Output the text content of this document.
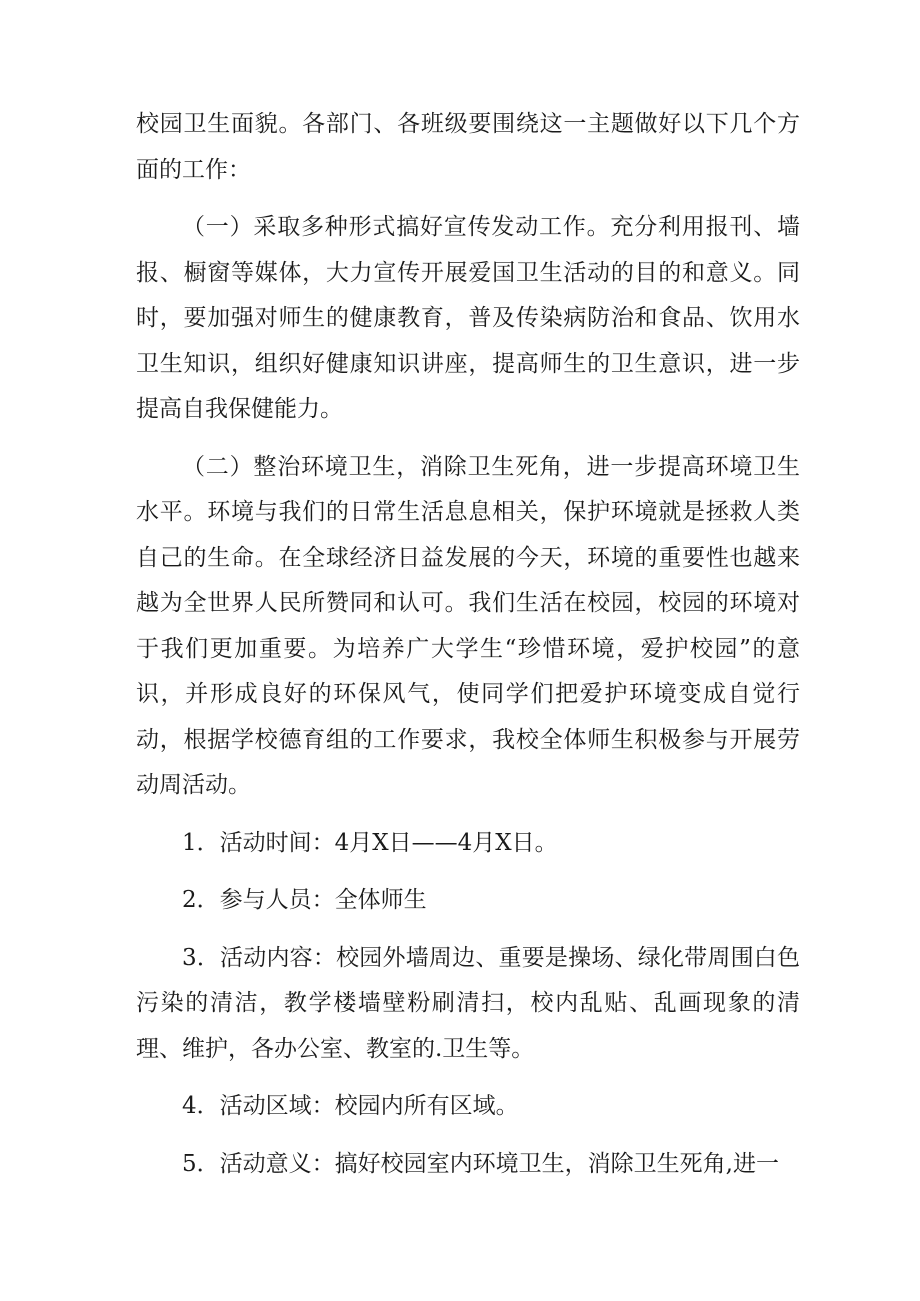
校园卫生面貌。各部门、各班级要围绕这一主题做好以下几个方面的工作：

（一）采取多种形式搞好宣传发动工作。充分利用报刊、墙报、橱窗等媒体，大力宣传开展爱国卫生活动的目的和意义。同时，要加强对师生的健康教育，普及传染病防治和食品、饮用水卫生知识，组织好健康知识讲座，提高师生的卫生意识，进一步提高自我保健能力。

（二）整治环境卫生，消除卫生死角，进一步提高环境卫生水平。环境与我们的日常生活息息相关，保护环境就是拯救人类自己的生命。在全球经济日益发展的今天，环境的重要性也越来越为全世界人民所赞同和认可。我们生活在校园，校园的环境对于我们更加重要。为培养广大学生“珍惜环境，爱护校园”的意识，并形成良好的环保风气，使同学们把爱护环境变成自觉行动，根据学校德育组的工作要求，我校全体师生积极参与开展劳动周活动。

1．活动时间：4月X日——4月X日。

2．参与人员：全体师生

3．活动内容：校园外墙周边、重要是操场、绿化带周围白色污染的清洁，教学楼墙壁粉刷清扫，校内乱贴、乱画现象的清理、维护，各办公室、教室的.卫生等。

4．活动区域：校园内所有区域。

5．活动意义：搞好校园室内环境卫生，消除卫生死角,进一
